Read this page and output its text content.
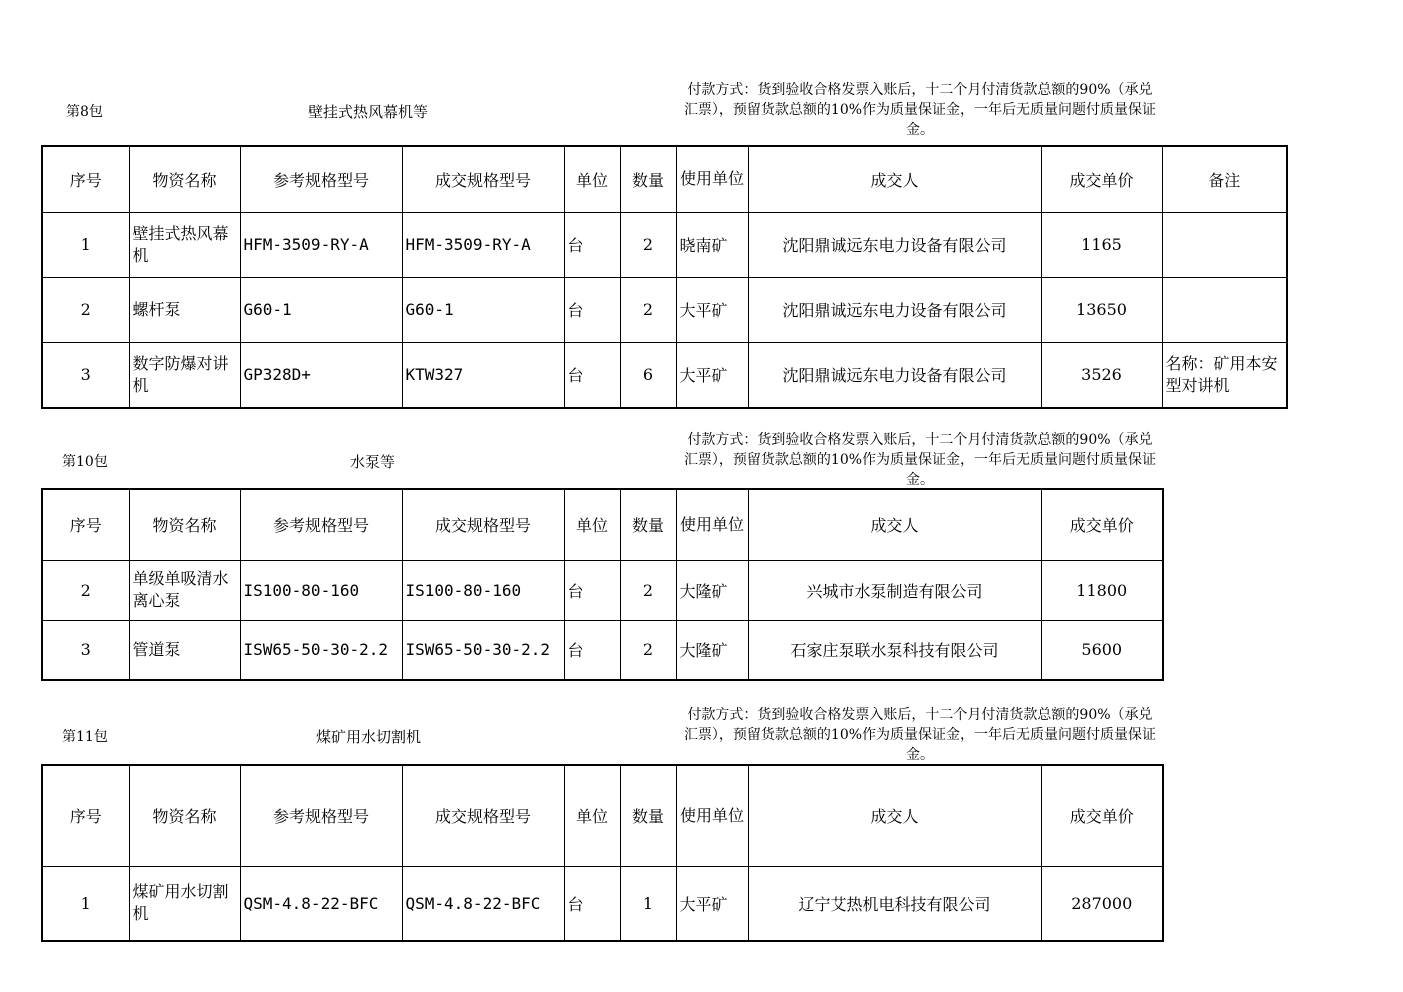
第8包	壁挂式热风幕机等
付款方式：货到验收合格发票入账后，十二个月付清货款总额的90%（承兑汇票），预留货款总额的10%作为质量保证金，一年后无质量问题付质量保证金。
序号	物资名称	参考规格型号	成交规格型号	单位	数量	使用单位	成交人	成交单价	备注
1	壁挂式热风幕机	HFM-3509-RY-A	HFM-3509-RY-A	台	2	晓南矿	沈阳鼎诚远东电力设备有限公司	1165	
2	螺杆泵	G60-1	G60-1	台	2	大平矿	沈阳鼎诚远东电力设备有限公司	13650	
3	数字防爆对讲机	GP328D+	KTW327	台	6	大平矿	沈阳鼎诚远东电力设备有限公司	3526	名称：矿用本安型对讲机
第10包	水泵等
付款方式：货到验收合格发票入账后，十二个月付清货款总额的90%（承兑汇票），预留货款总额的10%作为质量保证金，一年后无质量问题付质量保证金。
序号	物资名称	参考规格型号	成交规格型号	单位	数量	使用单位	成交人	成交单价
2	单级单吸清水离心泵	IS100-80-160	IS100-80-160	台	2	大隆矿	兴城市水泵制造有限公司	11800
3	管道泵	ISW65-50-30-2.2	ISW65-50-30-2.2	台	2	大隆矿	石家庄泵联水泵科技有限公司	5600
第11包	煤矿用水切割机
付款方式：货到验收合格发票入账后，十二个月付清货款总额的90%（承兑汇票），预留货款总额的10%作为质量保证金，一年后无质量问题付质量保证金。
序号	物资名称	参考规格型号	成交规格型号	单位	数量	使用单位	成交人	成交单价
1	煤矿用水切割机	QSM-4.8-22-BFC	QSM-4.8-22-BFC	台	1	大平矿	辽宁艾热机电科技有限公司	287000
